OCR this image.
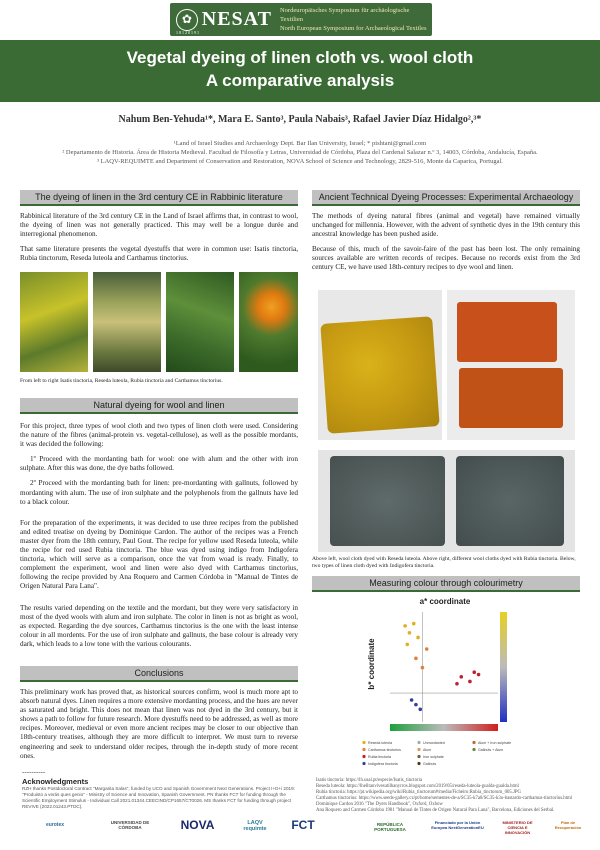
✿ NESAT Nordeuropäisches Symposium für archäologische Textilien
North European Symposium for Archaeological Textiles
1 8 1 2 0 1 9 1
Vegetal dyeing of linen cloth vs. wool cloth
A comparative analysis
Nahum Ben-Yehuda¹*, Mara E. Santo³, Paula Nabais³, Rafael Javier Díaz Hidalgo²,³*
¹Land of Israel Studies and Archaeology Dept. Bar Ilan University, Israel; * pishtani@gmail.com
² Departamento de Historia. Área de Historia Medieval. Facultad de Filosofía y Letras, Universidad de Córdoba, Plaza del Cardenal Salazar n.º 3, 14003, Córdoba, Andalucía, España.
³ LAQV-REQUIMTE and Department of Conservation and Restoration, NOVA School of Science and Technology, 2829-516, Monte da Caparica, Portugal.
The dyeing of linen in the 3rd century CE in Rabbinic literature

Rabbinical literature of the 3rd century CE in the Land of Israel affirms that, in contrast to wool, the dyeing of linen was not generally practiced. This may well be a longue durée and interregional phenomenon.

That same literature presents the vegetal dyestuffs that were in common use: Isatis tinctoria, Rubia tinctorum, Reseda luteola and Carthamus tinctorius.

From left to right Isatis tinctoria, Reseda luteola, Rubia tinctoria and Carthamus tinctorius.
Natural dyeing for wool and linen

For this project, three types of wool cloth and two types of linen cloth were used. Considering the nature of the fibres (animal-protein vs. vegetal-cellulose), as well as the possible mordants, it was decided the following:

1º Proceed with the mordanting bath for wool: one with alum and the other with iron sulphate. After this was done, the dye baths followed.

2º Proceed with the mordanting bath for linen: pre-mordanting with gallnuts, followed by mordanting with alum. The use of iron sulphate and the polyphenols from the gallnuts have led to a black colour.

For the preparation of the experiments, it was decided to use three recipes from the published and edited treatise on dyeing by Dominique Cardon. The author of the recipes was a French master dyer from the 18th century, Paul Gout. The recipe for yellow used Reseda luteola, while the recipe for red used Rubia tinctoria. The blue was dyed using indigo from Indigofera tinctoria, which will serve as a comparison, once the vat from woad is ready. Finally, to complement the experiment, wool and linen were also dyed with Carthamus tinctorius, following the recipe provided by Ana Roquero and Carmen Córdoba in "Manual de Tintes de Origen Natural Para Lana".

The results varied depending on the textile and the mordant, but they were very satisfactory in most of the dyed wools with alum and iron sulphate. The color in linen is not as bright as wool, as expected. Regarding the dye sources, Carthamus tinctorius is the one with the least intense colour in all mordents. For the use of iron sulphate and gallnuts, the base colour is already very dark, which leads to a low tone with the various colourants.

Conclusions

This preliminary work has proved that, as historical sources confirm, wool is much more apt to absorb natural dyes. Linen requires a more extensive mordanting process, and the hues are never as saturated and bright. This does not mean that linen was not dyed in the 3rd century, but it shows a path to follow for future research. More dyestuffs need to be addressed, as well as more recipes. Moreover, medieval or even more ancient recipes may be closer to our objective than 18th-century treatises, although they are more difficult to interpret. We must turn to reverse engineering and seek to understand older recipes, through the in-depth study of more recent ones.

----------
Acknowledgments
RZH thanks Postdoctoral Contract "Margarita Salas", funded by UCO and Spanish Government Next Generations. Project I+D+i 2019: "Produisto a verás ques genio" - Ministry of Science and Innovation, Spanish Government. PN thanks FCT for funding through the Scientific Employment Stimulus - Individual Call 2021.01344.CEECIND/CP1657/CT0026. MS thanks FCT for funding through project REVIVE (2022.01243.PTDC).
Ancient Technical Dyeing Processes: Experimental Archaeology

The methods of dyeing natural fibres (animal and vegetal) have remained virtually unchanged for millennia. However, with the advent of synthetic dyes in the 19th century this ancestral knowledge has been pushed aside.

Because of this, much of the savoir-faire of the past has been lost. The only remaining sources available are written records of recipes. Because no records exist from the 3rd century CE, we have used 18th-century recipes to dye wool and linen.

Above left, wool cloth dyed with Reseda luteola. Above right, different wool cloths dyed with Rubia tinctoria. Below, two types of linen cloth dyed with Indigofera tinctoria.
Measuring colour through colourimetry
a* coordinate
b* coordinate
Reseda luteola
Carthamus tinctorius
Rubia tinctoria
Indigofera tinctoria
Unmordanted
Alum
Iron sulphate
Gallnuts
Alum + Iron sulphate
Gallnuts + Alum
Isatis tinctoria: https://lh.usal.pt/especie/Isatis_tinctoria
Reseda luteola: https://lhelltanvivesutilhanyrros.blogspot.com/2019/05/reseda-luteola-gualda-gualda.html
Rubia tinctoria: https://pt.wikipedia.org/wiki/Rubia_tinctorum#/media/Ficheiro:Rubia_tinctorum_005.JPG
Carthamus tinctorius: https://www.seeds-gallery.cz/pt/home/sementes-de-a/SC35-k7a8/SC35-k3o-bastardo-carthamus-tinctorius.html
Dominique Cardon 2016 "The Dyers Handbook", Oxford, Oxbow
Ana Roquero and Carmen Córdoba 1981 "Manual de Tintes de Origen Natural Para Lana", Barcelona, Ediciones del Serbal.
eurotex	UNIVERSIDAD DE CÓRDOBA	NOVA	LAQV requimte	FCT	REPÚBLICA PORTUGUESA
Financiado por la Unión Europea NextGenerationEU
MINISTERIO DE CIENCIA E INNOVACIÓN
Plan de Recuperación
